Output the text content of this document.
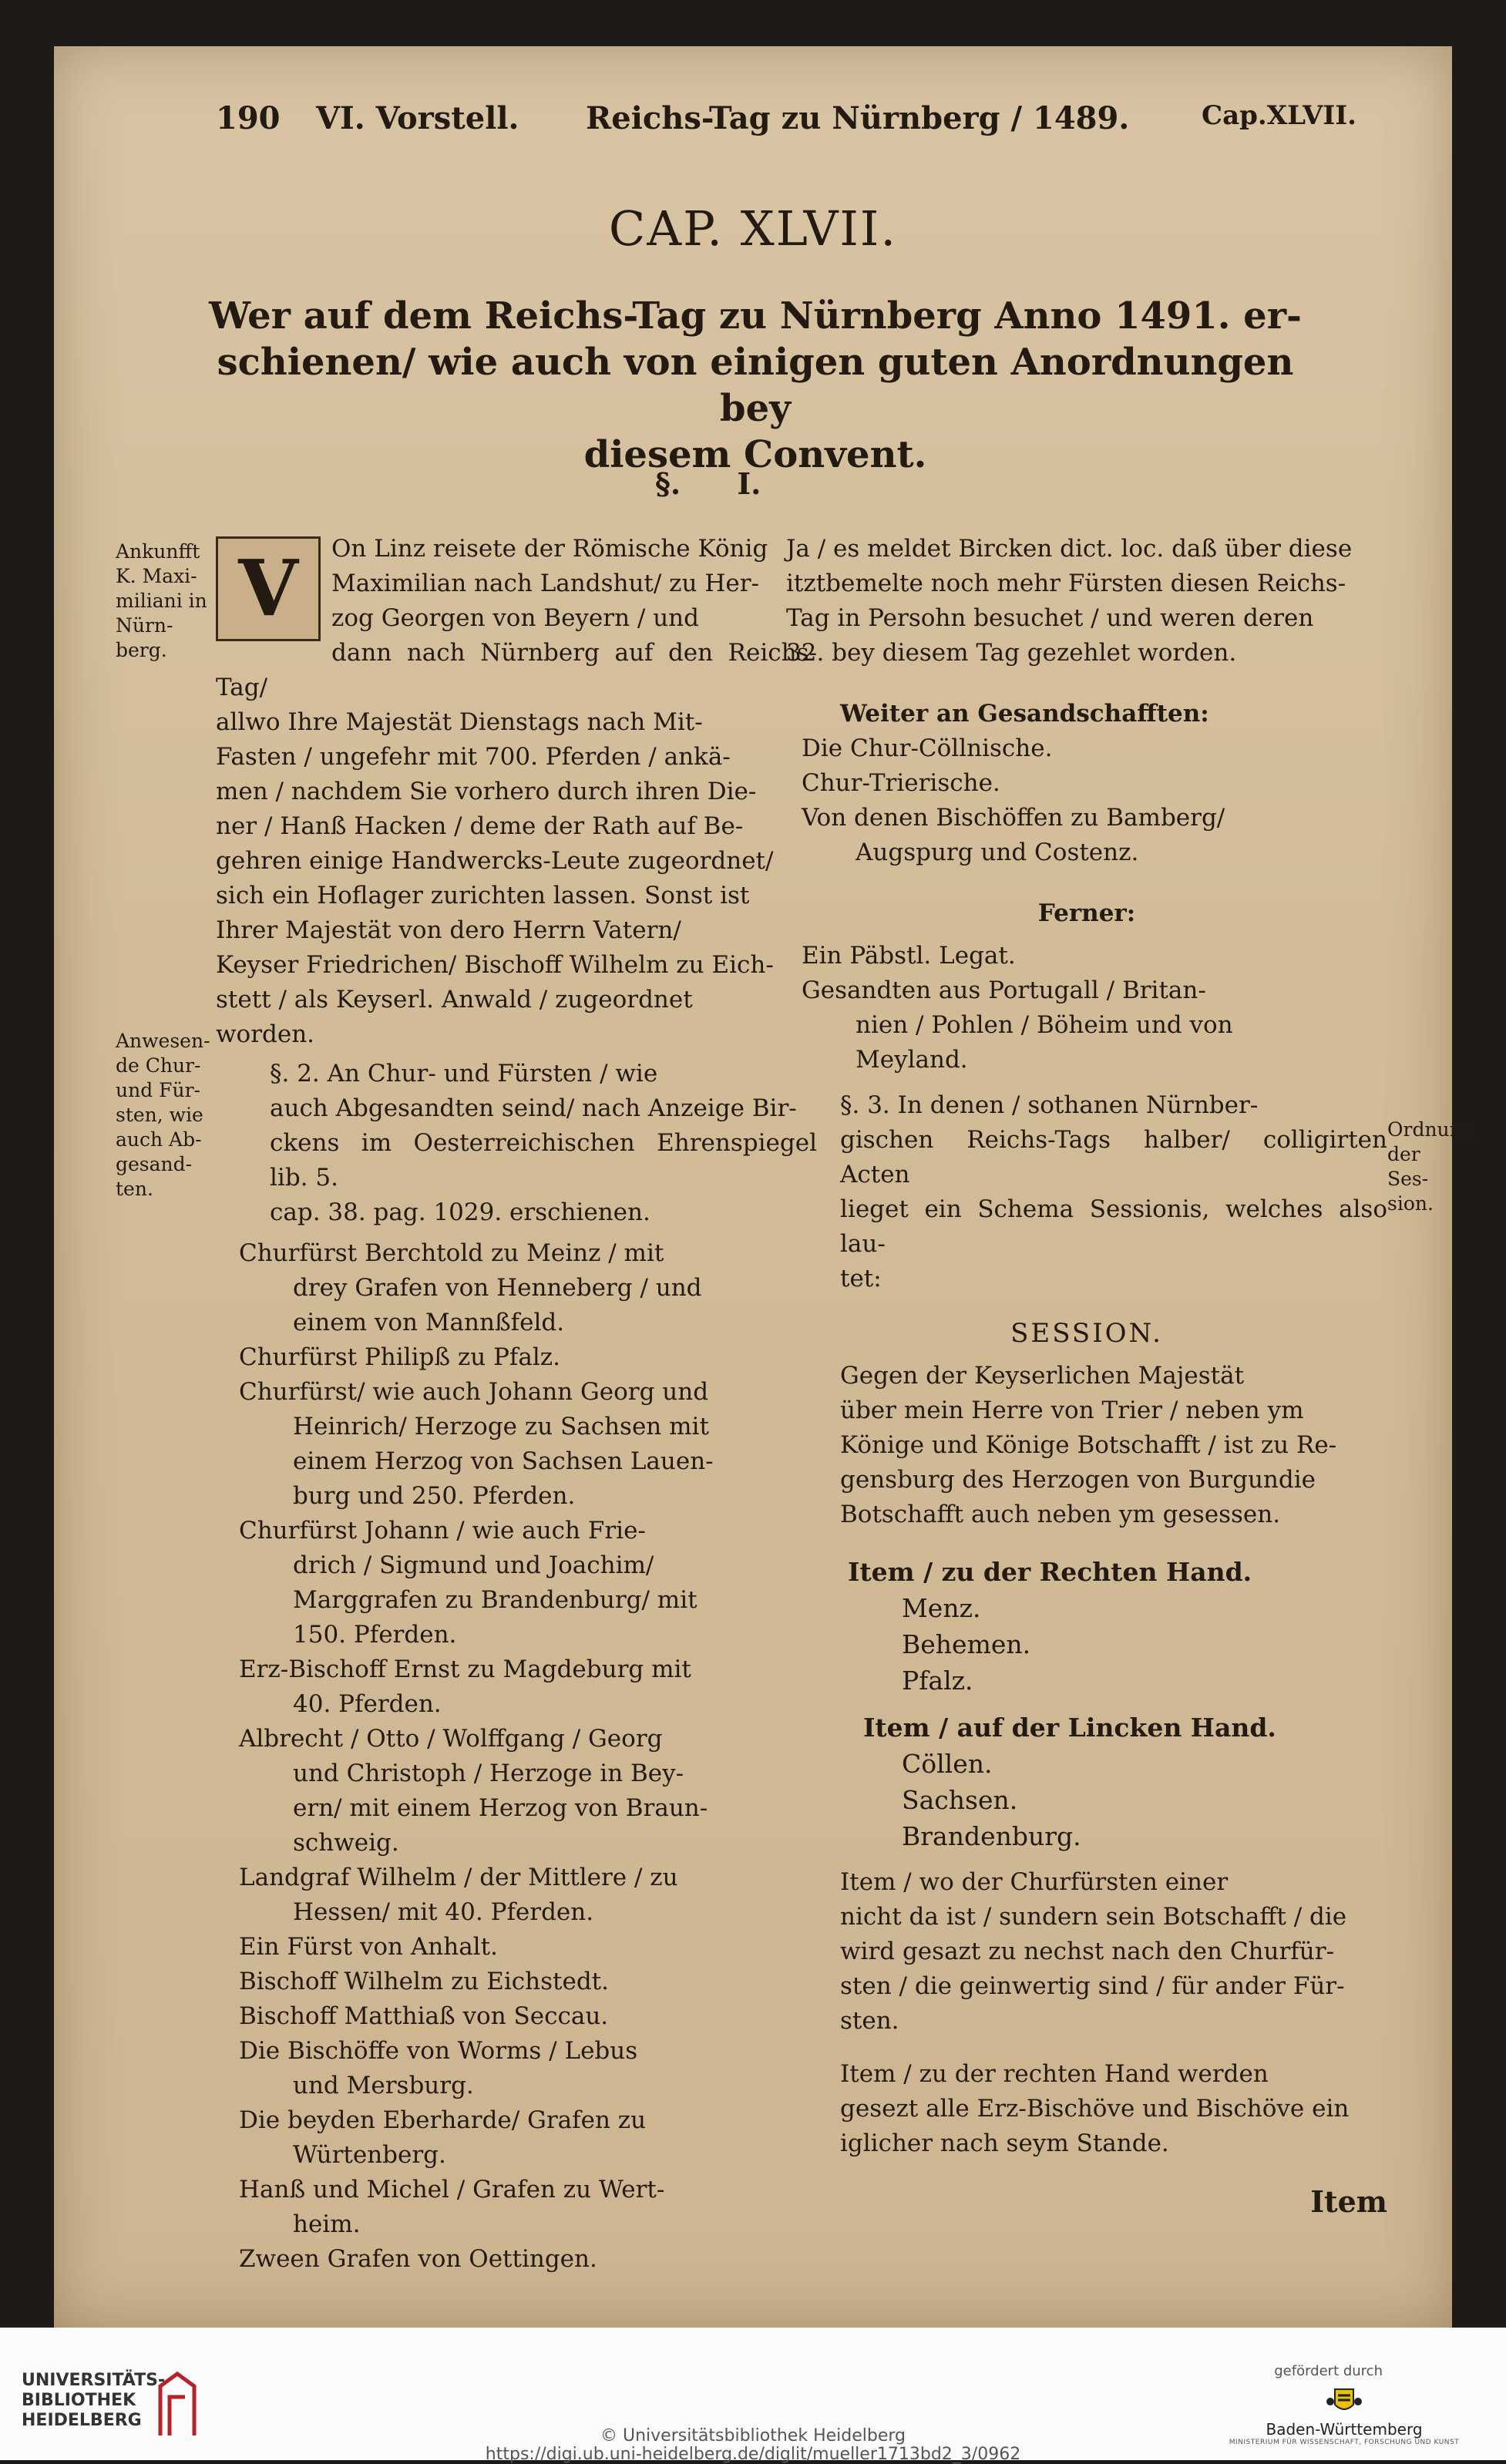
190 VI. Vorstell. Reichs-Tag zu Nürnberg / 1489.	Cap.XLVII.
CAP. XLVII.
Wer auf dem Reichs-Tag zu Nürnberg Anno 1491. er-
schienen/ wie auch von einigen guten Anordnungen bey
diesem Convent.
§. I.
Ankunfft
K. Maxi-
miliani in
Nürn-
berg.
Anwesen-
de Chur-
und Für-
sten, wie
auch Ab-
gesand-
ten.
Ordnung
der Ses-
sion.
V	On Linz reisete der Römische König
Maximilian nach Landshut/ zu Her-
zog Georgen von Beyern / und
dann nach Nürnberg auf den Reichs-Tag/
allwo Ihre Majestät Dienstags nach Mit-
Fasten / ungefehr mit 700. Pferden / ankä-
men / nachdem Sie vorhero durch ihren Die-
ner / Hanß Hacken / deme der Rath auf Be-
gehren einige Handwercks-Leute zugeordnet/
sich ein Hoflager zurichten lassen. Sonst ist
Ihrer Majestät von dero Herrn Vatern/
Keyser Friedrichen/ Bischoff Wilhelm zu Eich-
stett / als Keyserl. Anwald / zugeordnet
worden.
§. 2. An Chur- und Fürsten / wie
auch Abgesandten seind/ nach Anzeige Bir-
ckens im Oesterreichischen Ehrenspiegel lib. 5.
cap. 38. pag. 1029. erschienen.
Churfürst Berchtold zu Meinz / mit
drey Grafen von Henneberg / und
einem von Mannßfeld.
Churfürst Philipß zu Pfalz.
Churfürst/ wie auch Johann Georg und
Heinrich/ Herzoge zu Sachsen mit
einem Herzog von Sachsen Lauen-
burg und 250. Pferden.
Churfürst Johann / wie auch Frie-
drich / Sigmund und Joachim/
Marggrafen zu Brandenburg/ mit
150. Pferden.
Erz-Bischoff Ernst zu Magdeburg mit
40. Pferden.
Albrecht / Otto / Wolffgang / Georg
und Christoph / Herzoge in Bey-
ern/ mit einem Herzog von Braun-
schweig.
Landgraf Wilhelm / der Mittlere / zu
Hessen/ mit 40. Pferden.
Ein Fürst von Anhalt.
Bischoff Wilhelm zu Eichstedt.
Bischoff Matthiaß von Seccau.
Die Bischöffe von Worms / Lebus
und Mersburg.
Die beyden Eberharde/ Grafen zu
Würtenberg.
Hanß und Michel / Grafen zu Wert-
heim.
Zween Grafen von Oettingen.
Ja / es meldet Bircken dict. loc. daß über diese
itztbemelte noch mehr Fürsten diesen Reichs-
Tag in Persohn besuchet / und weren deren
32. bey diesem Tag gezehlet worden.
Weiter an Gesandschafften:
Die Chur-Cöllnische.
Chur-Trierische.
Von denen Bischöffen zu Bamberg/
Augspurg und Costenz.
Ferner:
Ein Päbstl. Legat.
Gesandten aus Portugall / Britan-
nien / Pohlen / Böheim und von
Meyland.
§. 3. In denen / sothanen Nürnber-
gischen Reichs-Tags halber/ colligirten Acten
lieget ein Schema Sessionis, welches also lau-
tet:
SESSION.
Gegen der Keyserlichen Majestät
über mein Herre von Trier / neben ym
Könige und Könige Botschafft / ist zu Re-
gensburg des Herzogen von Burgundie
Botschafft auch neben ym gesessen.
Item / zu der Rechten Hand.
Menz.
Behemen.
Pfalz.
Item / auf der Lincken Hand.
Cöllen.
Sachsen.
Brandenburg.
Item / wo der Churfürsten einer
nicht da ist / sundern sein Botschafft / die
wird gesazt zu nechst nach den Churfür-
sten / die geinwertig sind / für ander Für-
sten.
Item / zu der rechten Hand werden
gesezt alle Erz-Bischöve und Bischöve ein
iglicher nach seym Stande.
Item
UNIVERSITÄTS-
BIBLIOTHEK
HEIDELBERG
© Universitätsbibliothek Heidelberg
https://digi.ub.uni-heidelberg.de/diglit/mueller1713bd2_3/0962
gefördert durch
Baden-Württemberg
MINISTERIUM FÜR WISSENSCHAFT, FORSCHUNG UND KUNST
